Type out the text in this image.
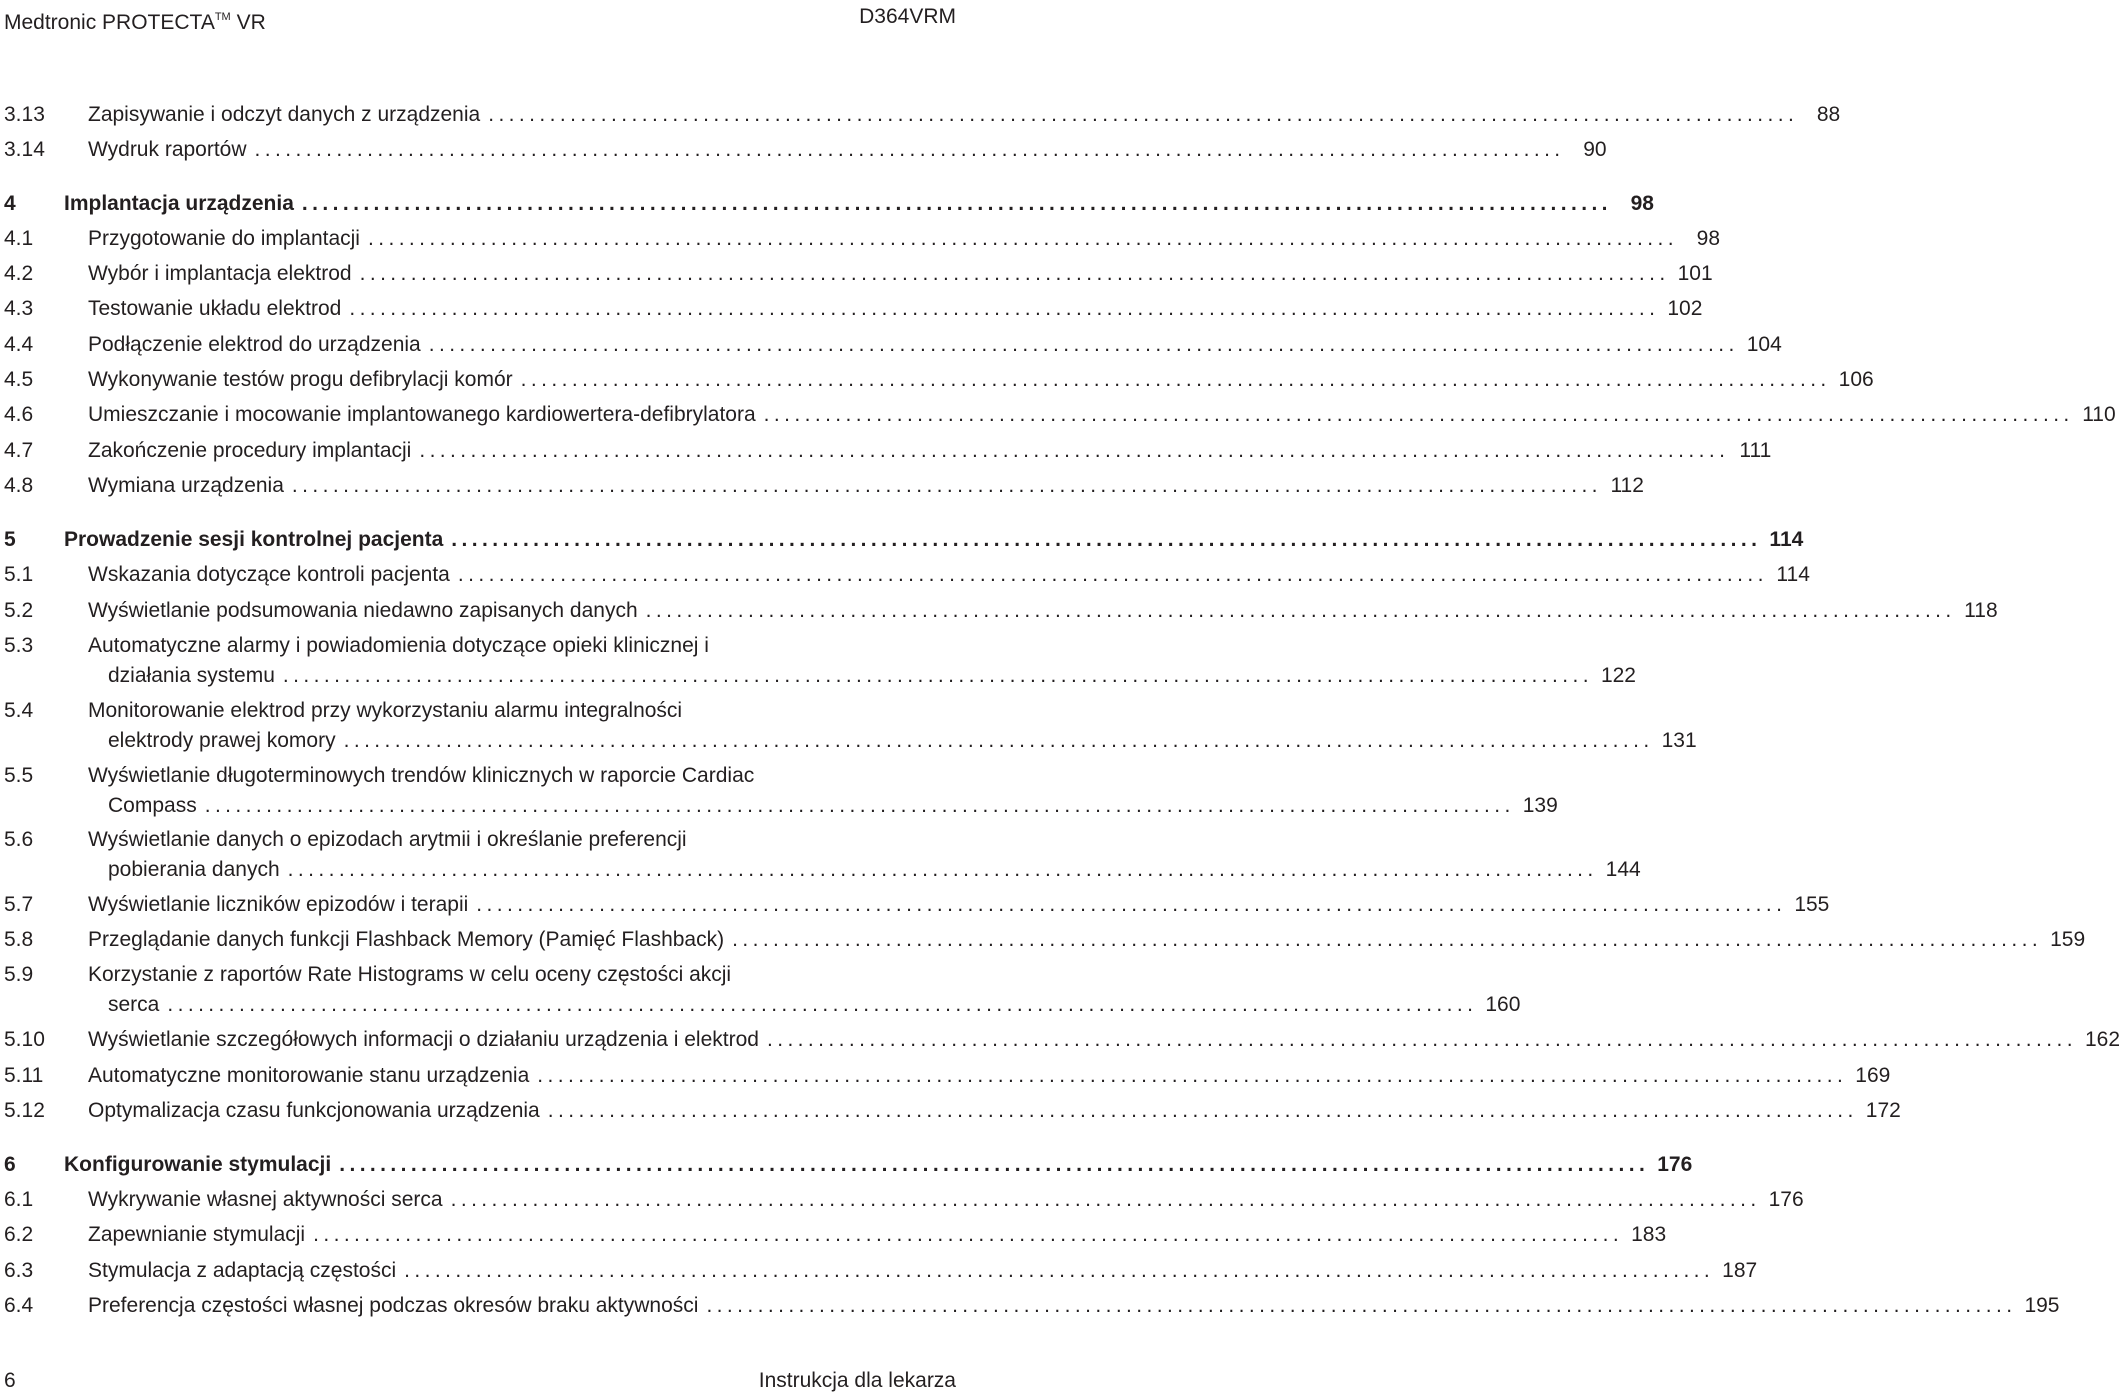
Medtronic PROTECTA™ VR	D364VRM
3.13 Zapisywanie i odczyt danych z urządzenia ................................................................................................................................ 88
3.14 Wydruk raportów ................................................................................................................................ 90
4 Implantacja urządzenia ................................................................................................................................ 98
4.1	Przygotowanie do implantacji ................................................................................................................................ 98
4.2	Wybór i implantacja elektrod ................................................................................................................................ 101
4.3	Testowanie układu elektrod ................................................................................................................................ 102
4.4	Podłączenie elektrod do urządzenia ................................................................................................................................ 104
4.5	Wykonywanie testów progu defibrylacji komór ................................................................................................................................ 106
4.6	Umieszczanie i mocowanie implantowanego kardiowertera-defibrylatora ................................................................................................................................ 110
4.7	Zakończenie procedury implantacji ................................................................................................................................ 111
4.8	Wymiana urządzenia ................................................................................................................................ 112
5 Prowadzenie sesji kontrolnej pacjenta ................................................................................................................................ 114
5.1	Wskazania dotyczące kontroli pacjenta ................................................................................................................................ 114
5.2	Wyświetlanie podsumowania niedawno zapisanych danych ................................................................................................................................ 118
5.3	Automatyczne alarmy i powiadomienia dotyczące opieki klinicznej i
działania systemu ................................................................................................................................ 122
5.4	Monitorowanie elektrod przy wykorzystaniu alarmu integralności
elektrody prawej komory ................................................................................................................................ 131
5.5	Wyświetlanie długoterminowych trendów klinicznych w raporcie Cardiac
Compass ................................................................................................................................ 139
5.6	Wyświetlanie danych o epizodach arytmii i określanie preferencji
pobierania danych ................................................................................................................................ 144
5.7	Wyświetlanie liczników epizodów i terapii ................................................................................................................................ 155
5.8	Przeglądanie danych funkcji Flashback Memory (Pamięć Flashback) ................................................................................................................................ 159
5.9	Korzystanie z raportów Rate Histograms w celu oceny częstości akcji
serca ................................................................................................................................ 160
5.10 Wyświetlanie szczegółowych informacji o działaniu urządzenia i elektrod ................................................................................................................................ 162
5.11 Automatyczne monitorowanie stanu urządzenia ................................................................................................................................ 169
5.12 Optymalizacja czasu funkcjonowania urządzenia ................................................................................................................................ 172
6 Konfigurowanie stymulacji ................................................................................................................................ 176
6.1	Wykrywanie własnej aktywności serca ................................................................................................................................ 176
6.2	Zapewnianie stymulacji ................................................................................................................................ 183
6.3	Stymulacja z adaptacją częstości ................................................................................................................................ 187
6.4	Preferencja częstości własnej podczas okresów braku aktywności ................................................................................................................................ 195
6	Instrukcja dla lekarza
